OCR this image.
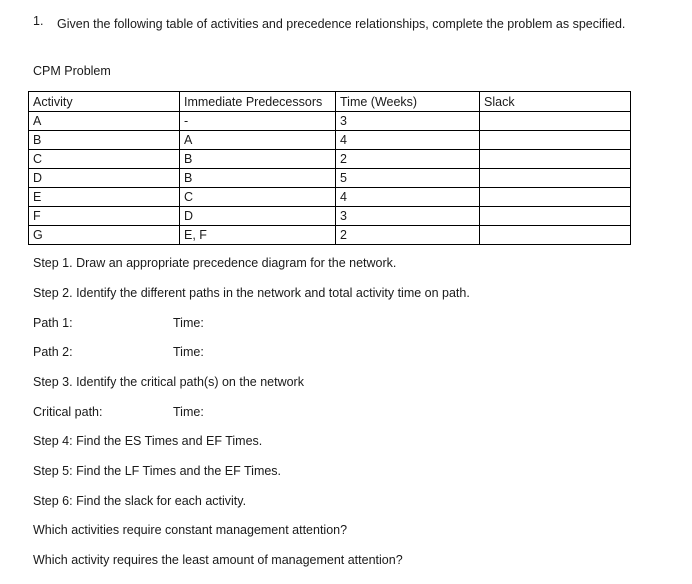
1. Given the following table of activities and precedence relationships, complete the problem as specified.
CPM Problem
Activity	Immediate Predecessors	Time (Weeks)	Slack
A	-	3	
B	A	4	
C	B	2	
D	B	5	
E	C	4	
F	D	3	
G	E, F	2	
Step 1. Draw an appropriate precedence diagram for the network.
Step 2. Identify the different paths in the network and total activity time on path.
Path 1:	Time:
Path 2:	Time:
Step 3. Identify the critical path(s) on the network
Critical path:	Time:
Step 4: Find the ES Times and EF Times.
Step 5: Find the LF Times and the EF Times.
Step 6: Find the slack for each activity.
Which activities require constant management attention?
Which activity requires the least amount of management attention?
